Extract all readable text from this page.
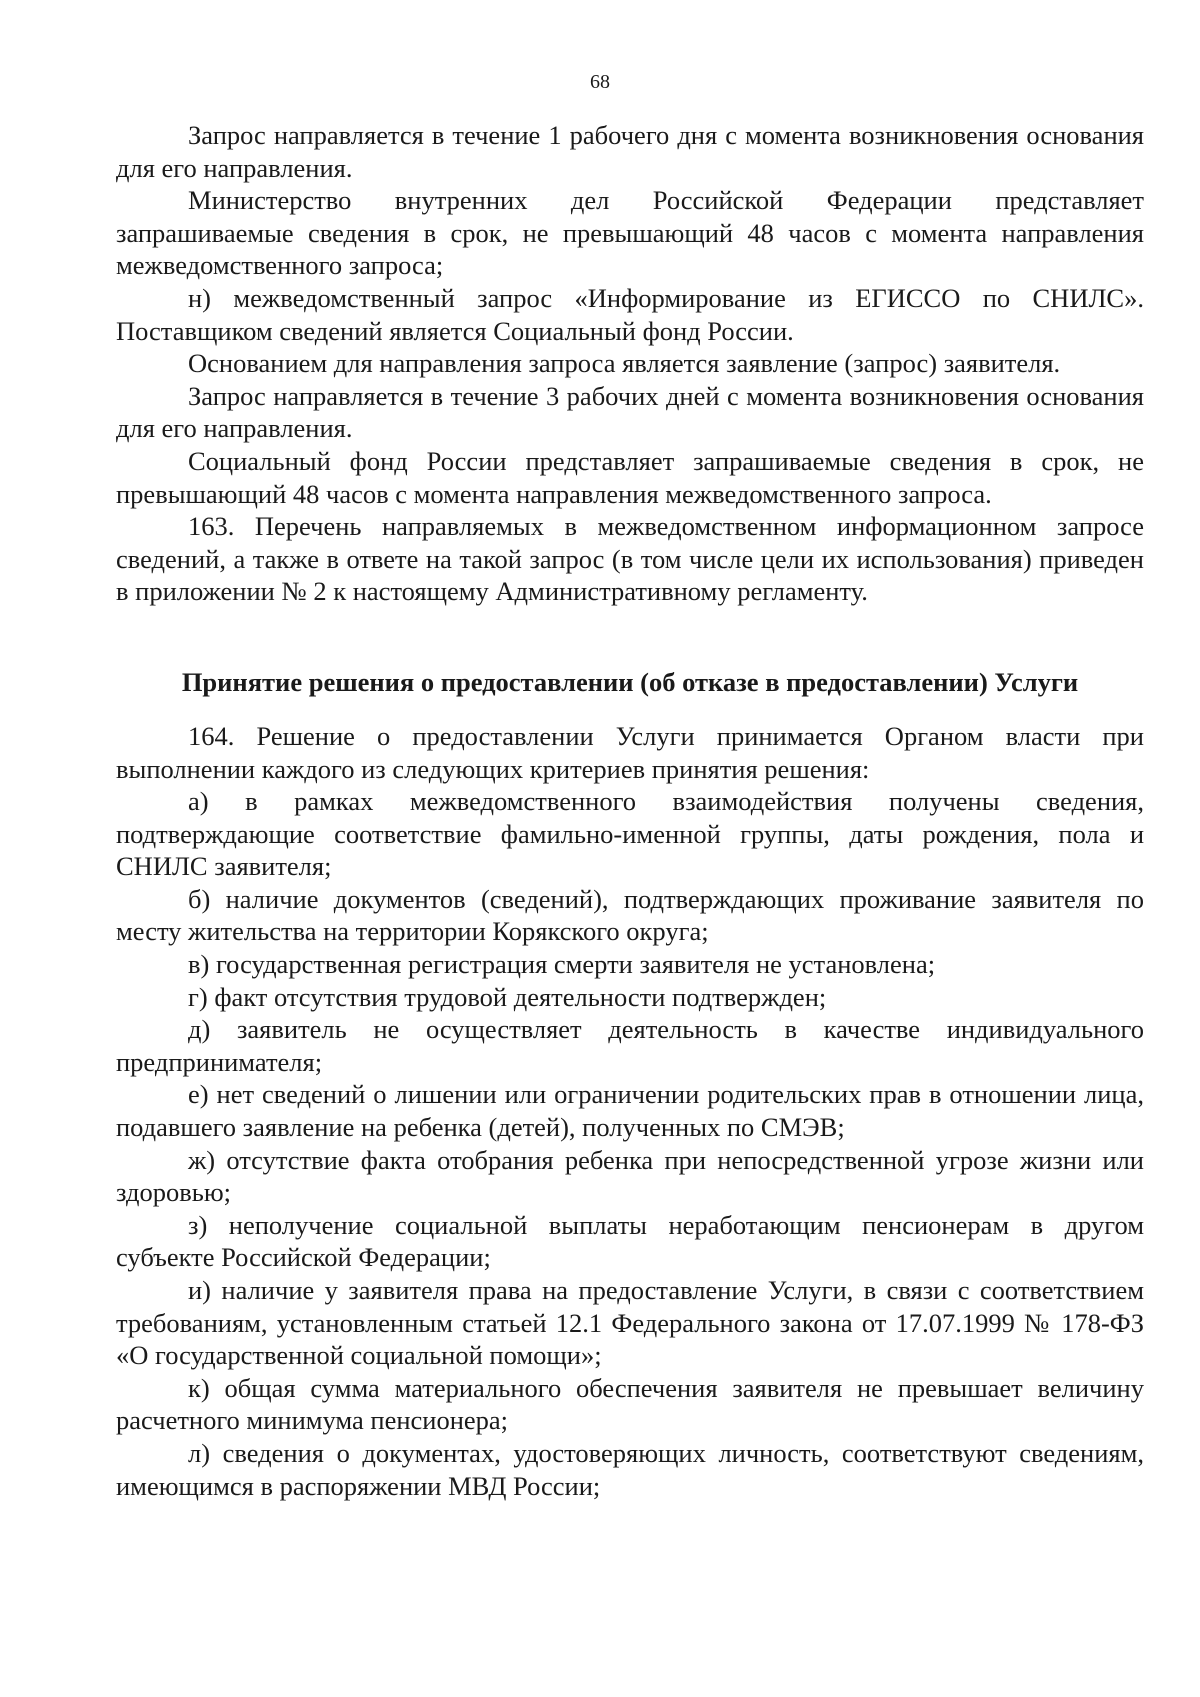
68

Запрос направляется в течение 1 рабочего дня с момента возникновения основания для его направления.

Министерство внутренних дел Российской Федерации представляет запрашиваемые сведения в срок, не превышающий 48 часов с момента направления межведомственного запроса;

н) межведомственный запрос «Информирование из ЕГИССО по СНИЛС». Поставщиком сведений является Социальный фонд России.

Основанием для направления запроса является заявление (запрос) заявителя.

Запрос направляется в течение 3 рабочих дней с момента возникновения основания для его направления.

Социальный фонд России представляет запрашиваемые сведения в срок, не превышающий 48 часов с момента направления межведомственного запроса.

163. Перечень направляемых в межведомственном информационном запросе сведений, а также в ответе на такой запрос (в том числе цели их использования) приведен в приложении № 2 к настоящему Административному регламенту.

Принятие решения о предоставлении (об отказе в предоставлении) Услуги

164. Решение о предоставлении Услуги принимается Органом власти при выполнении каждого из следующих критериев принятия решения:

а) в рамках межведомственного взаимодействия получены сведения, подтверждающие соответствие фамильно-именной группы, даты рождения, пола и СНИЛС заявителя;

б) наличие документов (сведений), подтверждающих проживание заявителя по месту жительства на территории Корякского округа;

в) государственная регистрация смерти заявителя не установлена;

г) факт отсутствия трудовой деятельности подтвержден;

д) заявитель не осуществляет деятельность в качестве индивидуального предпринимателя;

е) нет сведений о лишении или ограничении родительских прав в отношении лица, подавшего заявление на ребенка (детей), полученных по СМЭВ;

ж) отсутствие факта отобрания ребенка при непосредственной угрозе жизни или здоровью;

з) неполучение социальной выплаты неработающим пенсионерам в другом субъекте Российской Федерации;

и) наличие у заявителя права на предоставление Услуги, в связи с соответствием требованиям, установленным статьей 12.1 Федерального закона от 17.07.1999 № 178-ФЗ «О государственной социальной помощи»;

к) общая сумма материального обеспечения заявителя не превышает величину расчетного минимума пенсионера;

л) сведения о документах, удостоверяющих личность, соответствуют сведениям, имеющимся в распоряжении МВД России;
